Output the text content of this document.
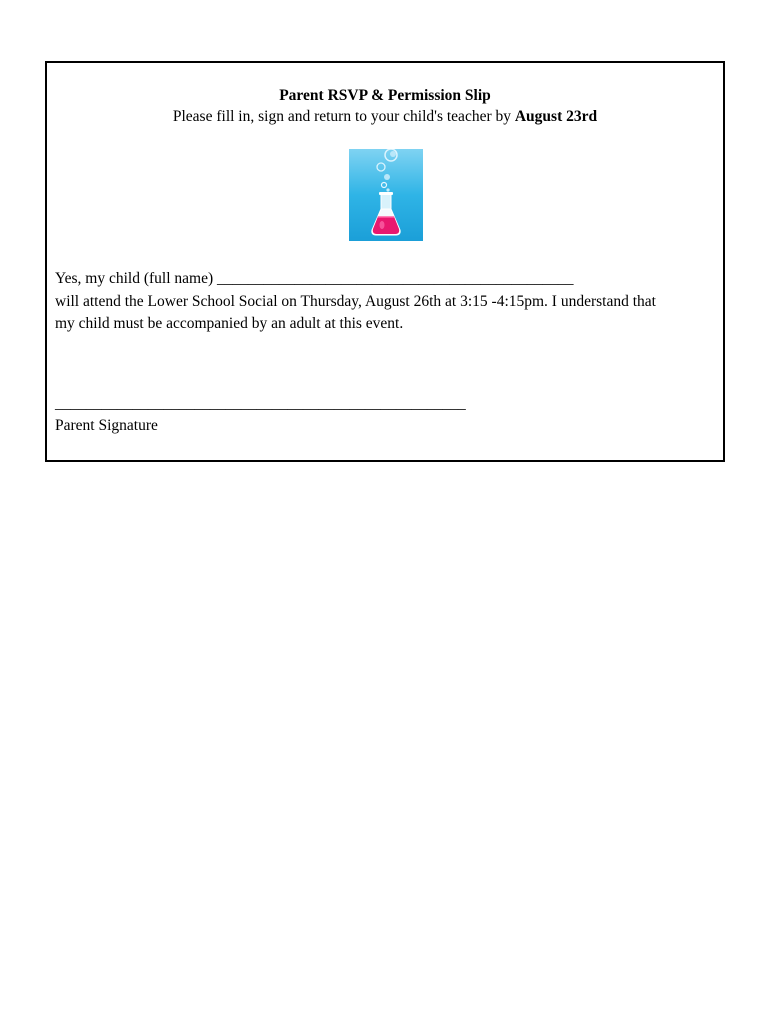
Parent RSVP & Permission Slip
Please fill in, sign and return to your child's teacher by August 23rd

Yes, my child (full name) ______________________________________________

will attend the Lower School Social on Thursday, August 26th at 3:15 -4:15pm. I understand that

my child must be accompanied by an adult at this event.

_____________________________________________________

Parent Signature
